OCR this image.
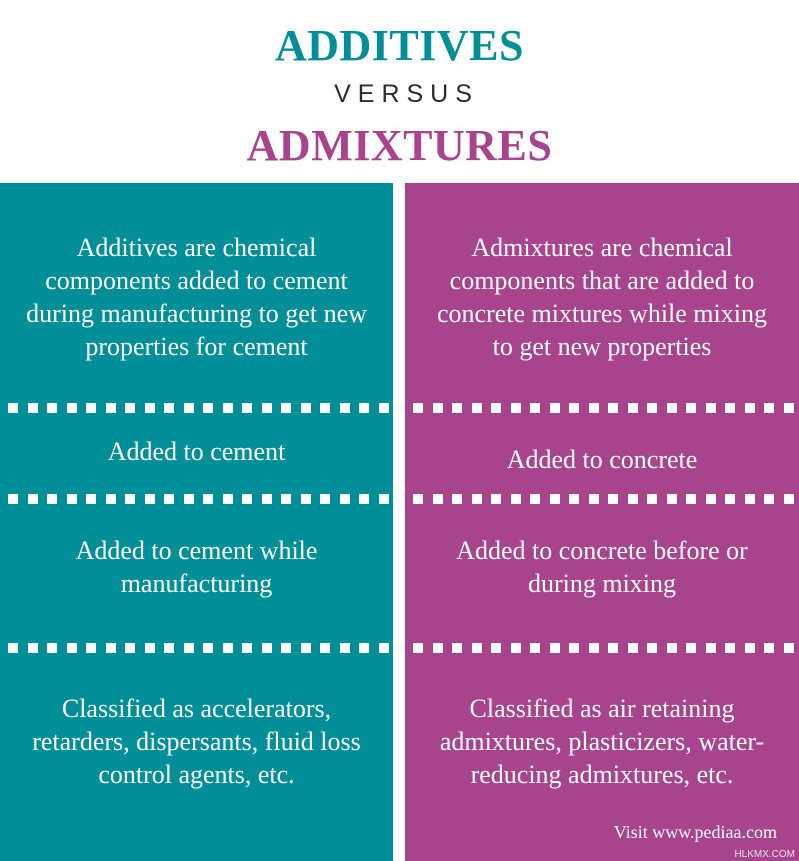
ADDITIVES
VERSUS
ADMIXTURES
Additives are chemical components added to cement during manufacturing to get new properties for cement
Added to cement
Added to cement while manufacturing
Classified as accelerators, retarders, dispersants, fluid loss control agents, etc.
Admixtures are chemical components that are added to concrete mixtures while mixing to get new properties
Added to concrete
Added to concrete before or during mixing
Classified as air retaining admixtures, plasticizers, water-reducing admixtures, etc.
Visit www.pediaa.com
HLKMX.COM
